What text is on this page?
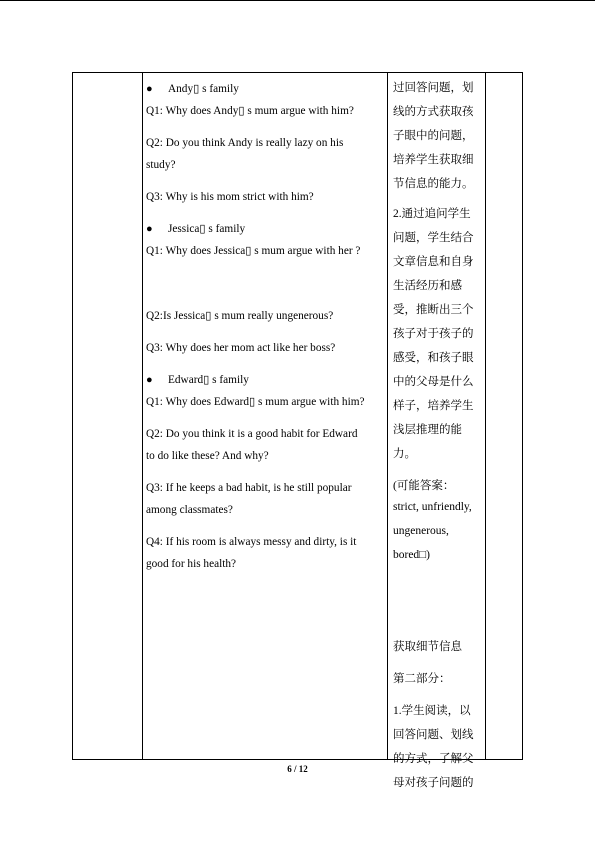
● Andy▯ s family
Q1: Why does Andy▯ s mum argue with him?
Q2: Do you think Andy is really lazy on his
study?
Q3: Why is his mom strict with him?
● Jessica▯ s family
Q1: Why does Jessica▯ s mum argue with her ?
Q2:Is Jessica▯ s mum really ungenerous?
Q3: Why does her mom act like her boss?
● Edward▯ s family
Q1: Why does Edward▯ s mum argue with him?
Q2: Do you think it is a good habit for Edward
to do like these? And why?
Q3: If he keeps a bad habit, is he still popular
among classmates?
Q4: If his room is always messy and dirty, is it
good for his health?
过回答问题，划
线的方式获取孩
子眼中的问题，
培养学生获取细
节信息的能力。
2.通过追问学生
问题，学生结合
文章信息和自身
生活经历和感
受，推断出三个
孩子对于孩子的
感受，和孩子眼
中的父母是什么
样子，培养学生
浅层推理的能
力。
(可能答案：
strict, unfriendly,
ungenerous,
bored□)
获取细节信息
第二部分：
1.学生阅读，以
回答问题、划线
的方式，了解父
母对孩子问题的
6 / 12
